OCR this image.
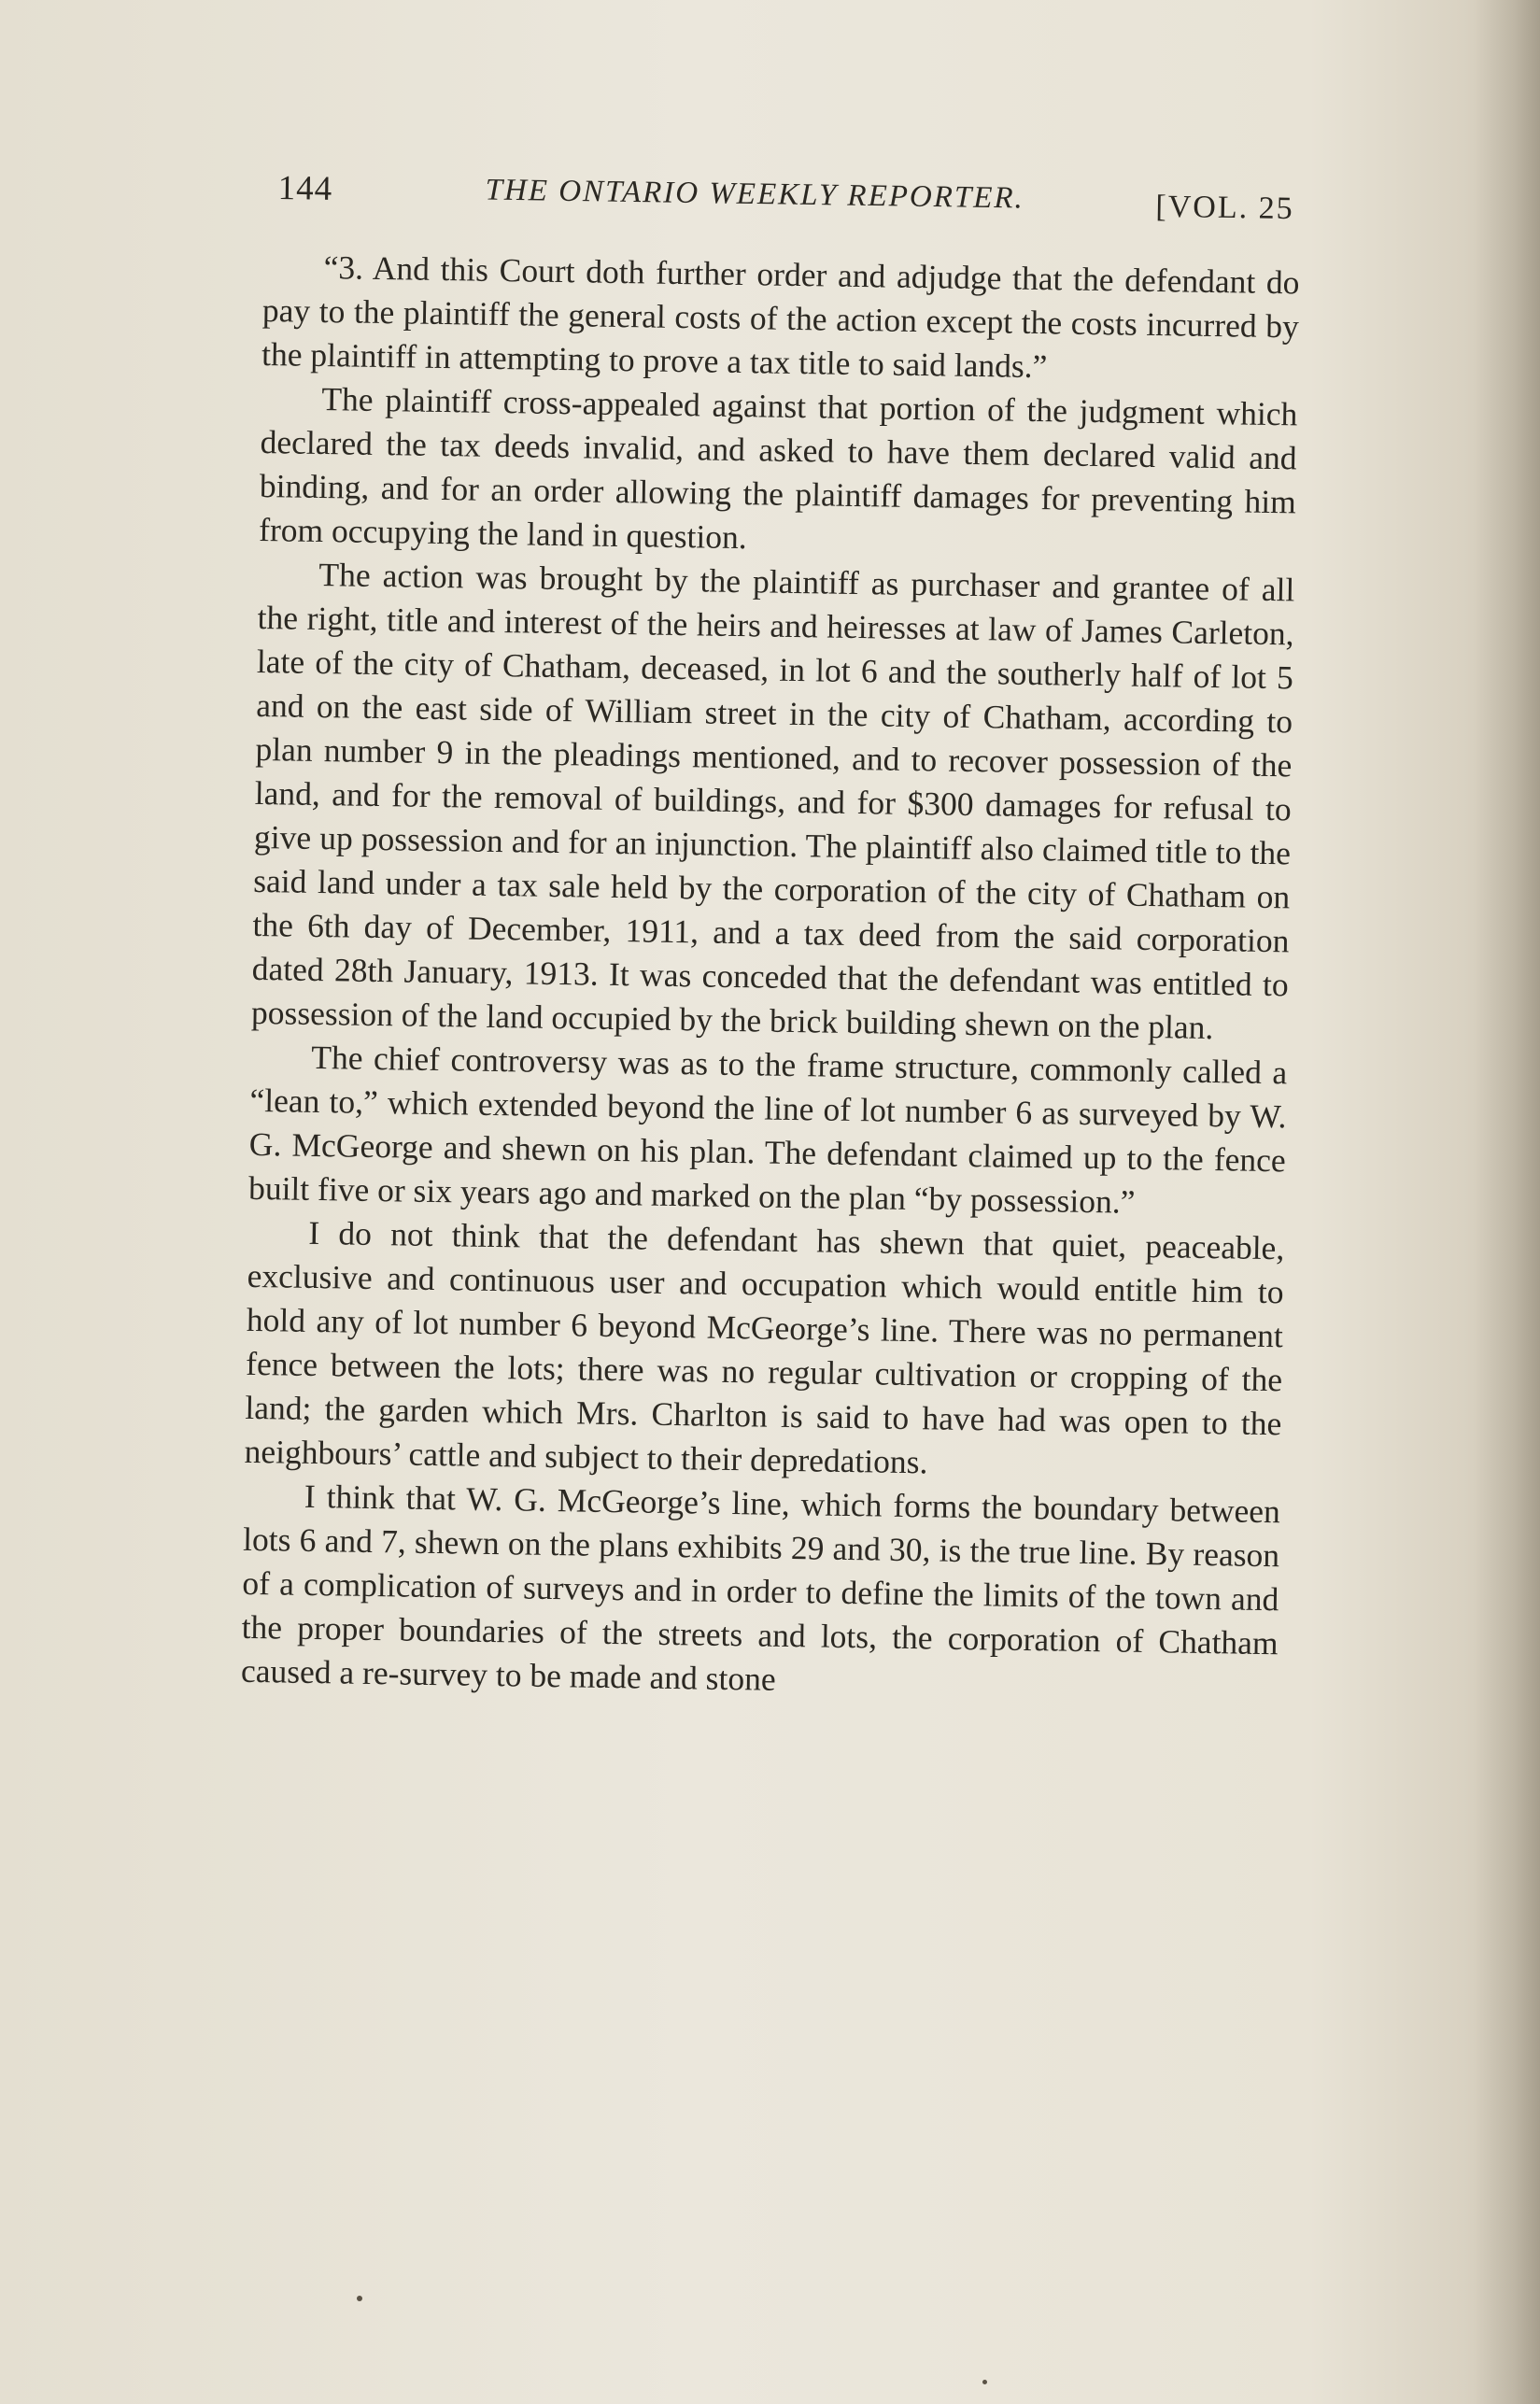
144	THE ONTARIO WEEKLY REPORTER.	[VOL. 25

“3. And this Court doth further order and adjudge that the defendant do pay to the plaintiff the general costs of the action except the costs incurred by the plaintiff in attempting to prove a tax title to said lands.”

The plaintiff cross-appealed against that portion of the judgment which declared the tax deeds invalid, and asked to have them declared valid and binding, and for an order allowing the plaintiff damages for preventing him from occupying the land in question.

The action was brought by the plaintiff as purchaser and grantee of all the right, title and interest of the heirs and heiresses at law of James Carleton, late of the city of Chatham, deceased, in lot 6 and the southerly half of lot 5 and on the east side of William street in the city of Chatham, according to plan number 9 in the pleadings mentioned, and to recover possession of the land, and for the removal of buildings, and for $300 damages for refusal to give up possession and for an injunction. The plaintiff also claimed title to the said land under a tax sale held by the corporation of the city of Chatham on the 6th day of December, 1911, and a tax deed from the said corporation dated 28th January, 1913. It was conceded that the defendant was entitled to possession of the land occupied by the brick building shewn on the plan.

The chief controversy was as to the frame structure, commonly called a “lean to,” which extended beyond the line of lot number 6 as surveyed by W. G. McGeorge and shewn on his plan. The defendant claimed up to the fence built five or six years ago and marked on the plan “by possession.”

I do not think that the defendant has shewn that quiet, peaceable, exclusive and continuous user and occupation which would entitle him to hold any of lot number 6 beyond McGeorge’s line. There was no permanent fence between the lots; there was no regular cultivation or cropping of the land; the garden which Mrs. Charlton is said to have had was open to the neighbours’ cattle and subject to their depredations.

I think that W. G. McGeorge’s line, which forms the boundary between lots 6 and 7, shewn on the plans exhibits 29 and 30, is the true line. By reason of a complication of surveys and in order to define the limits of the town and the proper boundaries of the streets and lots, the corporation of Chatham caused a re-survey to be made and stone
